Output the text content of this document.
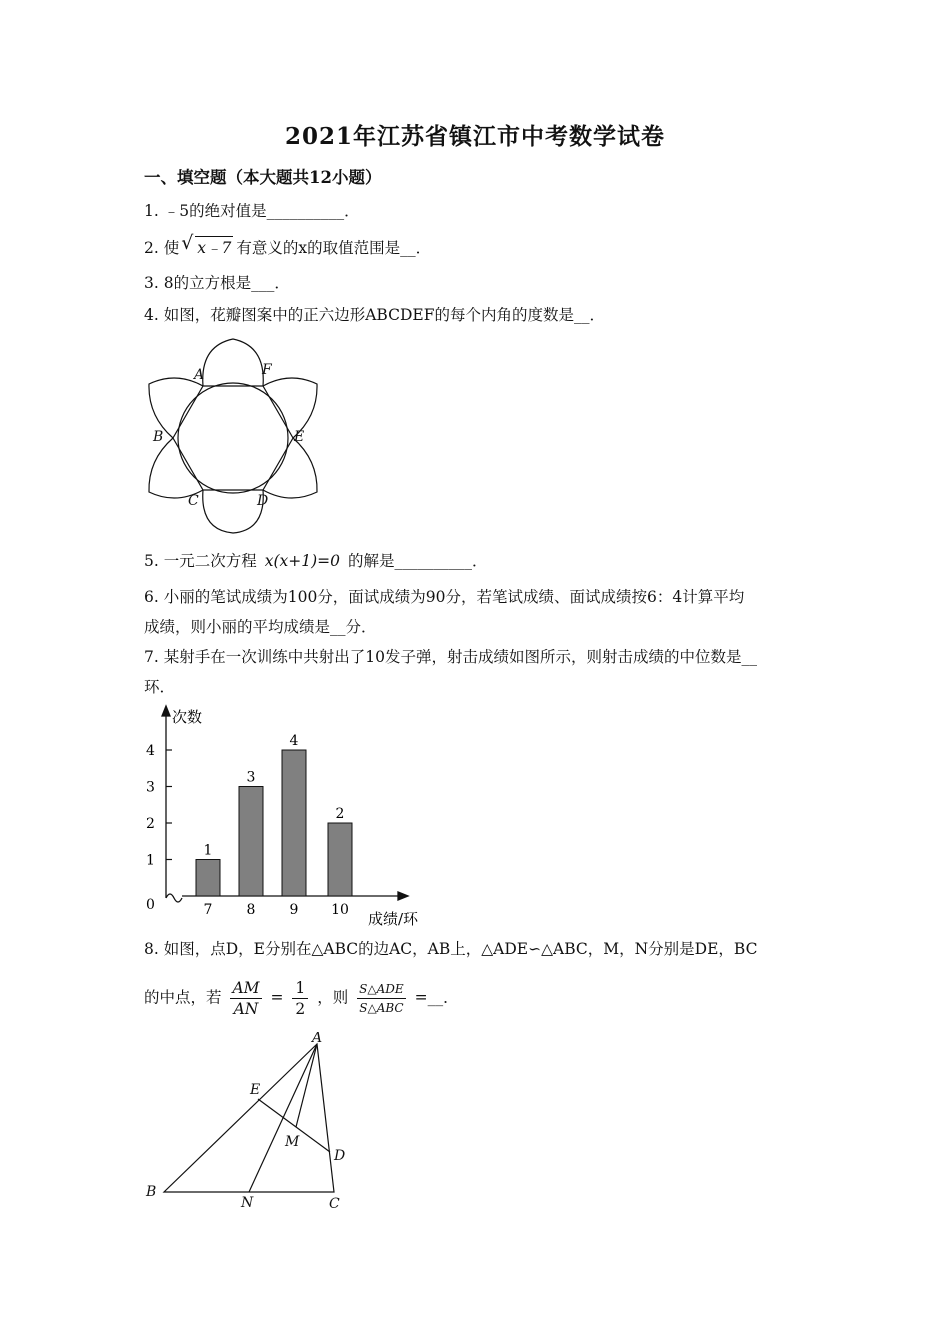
2021年江苏省镇江市中考数学试卷
一、填空题（本大题共12小题）
1. ﹣5的绝对值是__________．
2. 使 √ x﹣7 有意义的x的取值范围是__．
3. 8的立方根是___．
4. 如图，花瓣图案中的正六边形ABCDEF的每个内角的度数是__．
A	F
B	E
C	D
5. 一元二次方程 x(x+1)=0 的解是__________．
6. 小丽的笔试成绩为100分，面试成绩为90分，若笔试成绩、面试成绩按6：4计算平均
成绩，则小丽的平均成绩是__分．
7. 某射手在一次训练中共射出了10发子弹，射击成绩如图所示，则射击成绩的中位数是__
环．
次数
成绩/环
0
1
2
3
4
1
7
3
8
4
9
2
10
8. 如图，点D，E分别在△ABC的边AC，AB上，△ADE∽△ABC，M，N分别是DE，BC
的中点，若 $\frac{AM}{AN} = \frac{1}{2}$ ，则 S△ADE
S△ABC
=__．
A
E
M
D
B
N	C
